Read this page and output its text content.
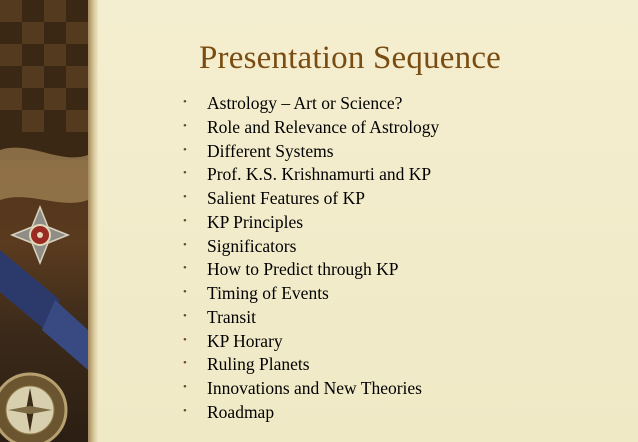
Presentation Sequence
• Astrology – Art or Science?
• Role and Relevance of Astrology
• Different Systems
• Prof. K.S. Krishnamurti and KP
• Salient Features of KP
• KP Principles
• Significators
• How to Predict through KP
• Timing of Events
• Transit
• KP Horary
• Ruling Planets
• Innovations and New Theories
• Roadmap
